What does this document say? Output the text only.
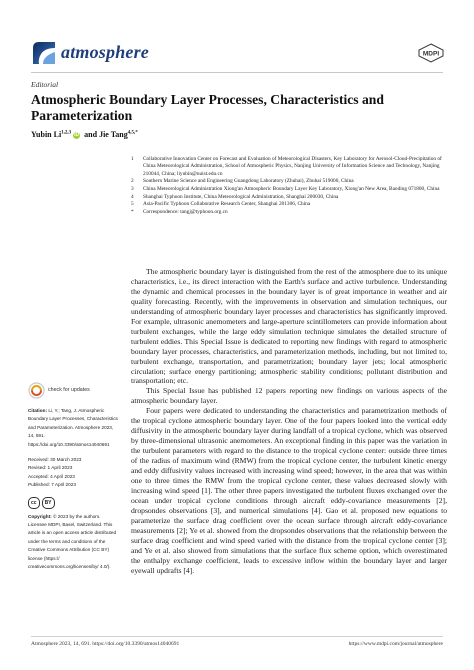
atmosphere	MDPI
Editorial
Atmospheric Boundary Layer Processes, Characteristics and Parameterization
Yubin Li$^{1,2,3}$ iD and Jie Tang$^{4,5,*}$
1	Collaborative Innovation Center on Forecast and Evaluation of Meteorological Disasters, Key Laboratory for Aerosol-Cloud-Precipitation of China Meteorological Administration, School of Atmospheric Physics, Nanjing University of Information Science and Technology, Nanjing 210044, China; liyubin@nuist.edu.cn
2	Southern Marine Science and Engineering Guangdong Laboratory (Zhuhai), Zhuhai 519000, China
3	China Meteorological Administration Xiong'an Atmospheric Boundary Layer Key Laboratory, Xiong'an New Area, Baoding 071800, China
4	Shanghai Typhoon Institute, China Meteorological Administration, Shanghai 200030, China
5	Asia-Pacific Typhoon Collaborative Research Center, Shanghai 201306, China
*	Correspondence: tangj@typhoon.org.cn
check for updates
Citation: Li, Y.; Tang, J. Atmospheric Boundary Layer Processes, Characteristics and Parameterization. Atmosphere 2023, 14, 691. https://doi.org/10.3390/atmos14040691
Received: 30 March 2023
Revised: 1 April 2023
Accepted: 4 April 2023
Published: 7 April 2023
cc	BY
Copyright: © 2023 by the authors. Licensee MDPI, Basel, Switzerland. This article is an open access article distributed under the terms and conditions of the Creative Commons Attribution (CC BY) license (https:// creativecommons.org/licenses/by/ 4.0/).

The atmospheric boundary layer is distinguished from the rest of the atmosphere due to its unique characteristics, i.e., its direct interaction with the Earth's surface and active turbulence. Understanding the dynamic and chemical processes in the boundary layer is of great importance in weather and air quality forecasting. Recently, with the improvements in observation and simulation techniques, our understanding of atmospheric boundary layer processes and characteristics has significantly improved. For example, ultrasonic anemometers and large-aperture scintillometers can provide information about turbulent exchanges, while the large eddy simulation technique simulates the detailed structure of turbulent eddies. This Special Issue is dedicated to reporting new findings with regard to atmospheric boundary layer processes, characteristics, and parameterization methods, including, but not limited to, turbulent exchange, transportation, and parametrization; boundary layer jets; local atmospheric circulation; surface energy partitioning; atmospheric stability conditions; pollutant distribution and transportation; etc.

This Special Issue has published 12 papers reporting new findings on various aspects of the atmospheric boundary layer.

Four papers were dedicated to understanding the characteristics and parametrization methods of the tropical cyclone atmospheric boundary layer. One of the four papers looked into the vertical eddy diffusivity in the atmospheric boundary layer during landfall of a tropical cyclone, which was observed by three-dimensional ultrasonic anemometers. An exceptional finding in this paper was the variation in the turbulent parameters with regard to the distance to the tropical cyclone center: outside three times of the radius of maximum wind (RMW) from the tropical cyclone center, the turbulent kinetic energy and eddy diffusivity values increased with increasing wind speed; however, in the area that was within one to three times the RMW from the tropical cyclone center, these values decreased slowly with increasing wind speed [1]. The other three papers investigated the turbulent fluxes exchanged over the ocean under tropical cyclone conditions through aircraft eddy-covariance measurements [2], dropsondes observations [3], and numerical simulations [4]. Gao et al. proposed new equations to parameterize the surface drag coefficient over the ocean surface through aircraft eddy-covariance measurements [2]; Ye et al. showed from the dropsondes observations that the relationship between the surface drag coefficient and wind speed varied with the distance from the tropical cyclone center [3]; and Ye et al. also showed from simulations that the surface flux scheme option, which overestimated the enthalpy exchange coefficient, leads to excessive inflow within the boundary layer and larger eyewall updrafts [4].

Atmosphere 2023, 14, 691. https://doi.org/10.3390/atmos14040691	https://www.mdpi.com/journal/atmosphere
